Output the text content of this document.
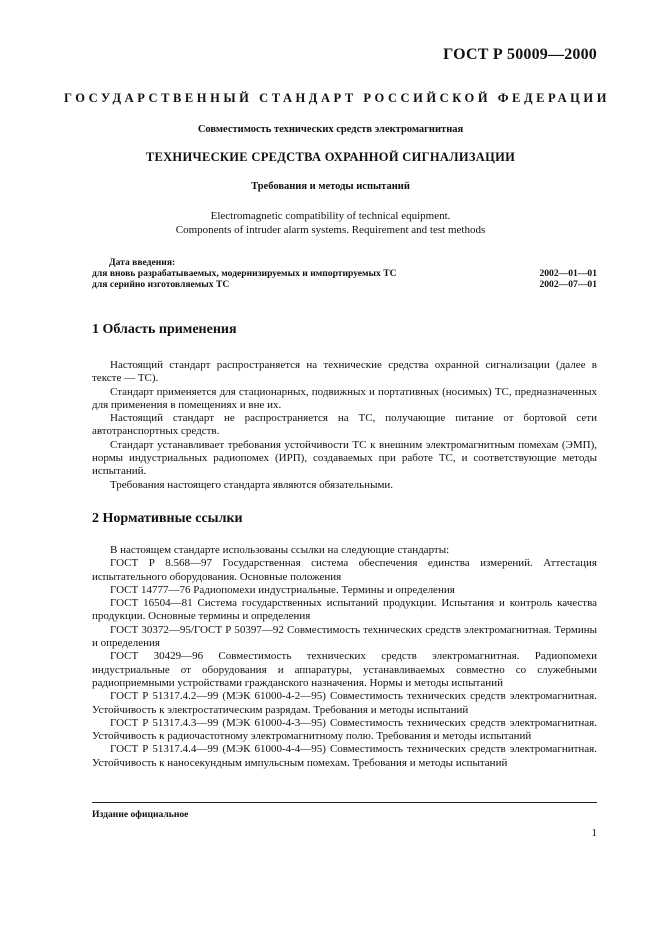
ГОСТ Р 50009—2000
ГОСУДАРСТВЕННЫЙ СТАНДАРТ РОССИЙСКОЙ ФЕДЕРАЦИИ
Совместимость технических средств электромагнитная
ТЕХНИЧЕСКИЕ СРЕДСТВА ОХРАННОЙ СИГНАЛИЗАЦИИ
Требования и методы испытаний
Electromagnetic compatibility of technical equipment.
Components of intruder alarm systems. Requirement and test methods
Дата введения:
для вновь разрабатываемых, модернизируемых и импортируемых ТС	2002—01—01
для серийно изготовляемых ТС	2002—07—01
1 Область применения

Настоящий стандарт распространяется на технические средства охранной сигнализации (далее в тексте — ТС).

Стандарт применяется для стационарных, подвижных и портативных (носимых) ТС, предназначенных для применения в помещениях и вне их.

Настоящий стандарт не распространяется на ТС, получающие питание от бортовой сети автотранспортных средств.

Стандарт устанавливает требования устойчивости ТС к внешним электромагнитным помехам (ЭМП), нормы индустриальных радиопомех (ИРП), создаваемых при работе ТС, и соответствующие методы испытаний.

Требования настоящего стандарта являются обязательными.

2 Нормативные ссылки

В настоящем стандарте использованы ссылки на следующие стандарты:

ГОСТ Р 8.568—97 Государственная система обеспечения единства измерений. Аттестация испытательного оборудования. Основные положения

ГОСТ 14777—76 Радиопомехи индустриальные. Термины и определения

ГОСТ 16504—81 Система государственных испытаний продукции. Испытания и контроль качества продукции. Основные термины и определения

ГОСТ 30372—95/ГОСТ Р 50397—92 Совместимость технических средств электромагнитная. Термины и определения

ГОСТ 30429—96 Совместимость технических средств электромагнитная. Радиопомехи индустриальные от оборудования и аппаратуры, устанавливаемых совместно со служебными радиоприемными устройствами гражданского назначения. Нормы и методы испытаний

ГОСТ Р 51317.4.2—99 (МЭК 61000-4-2—95) Совместимость технических средств электромагнитная. Устойчивость к электростатическим разрядам. Требования и методы испытаний

ГОСТ Р 51317.4.3—99 (МЭК 61000-4-3—95) Совместимость технических средств электромагнитная. Устойчивость к радиочастотному электромагнитному полю. Требования и методы испытаний

ГОСТ Р 51317.4.4—99 (МЭК 61000-4-4—95) Совместимость технических средств электромагнитная. Устойчивость к наносекундным импульсным помехам. Требования и методы испытаний

Издание официальное
1
